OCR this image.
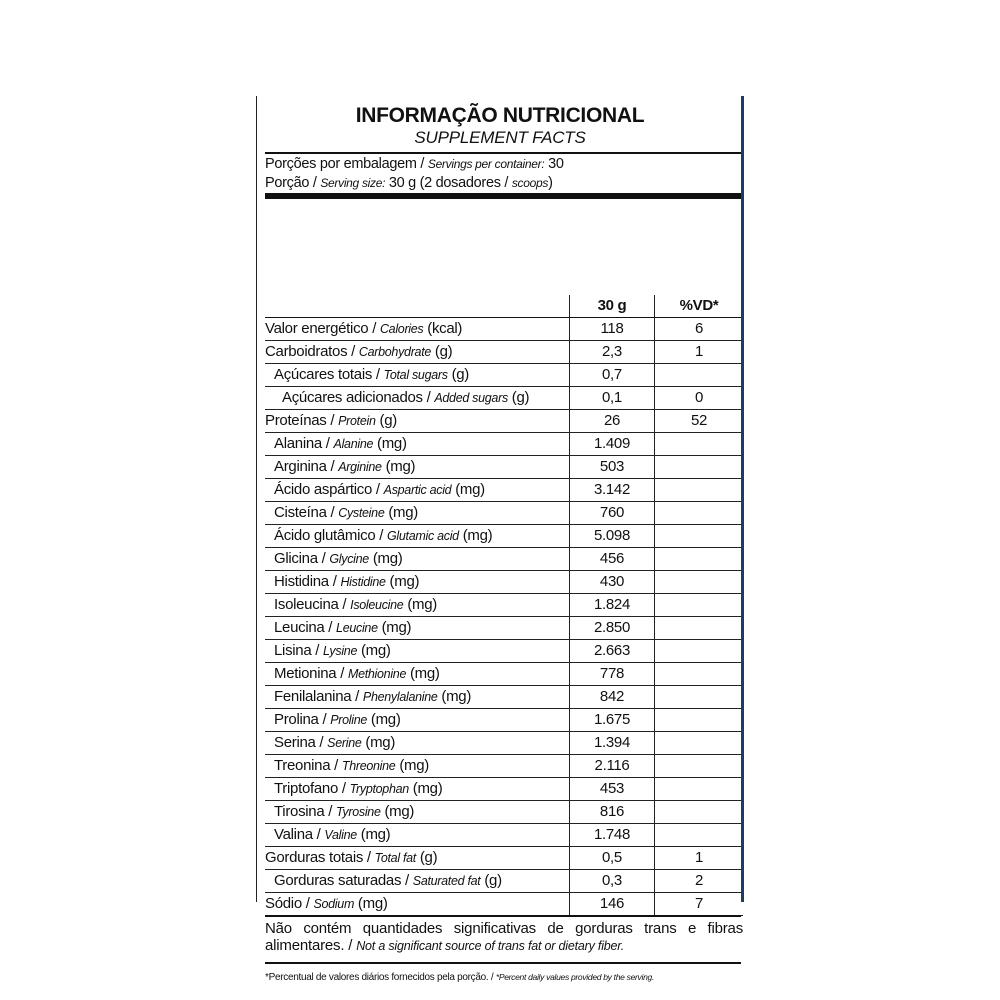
INFORMAÇÃO NUTRICIONAL
SUPPLEMENT FACTS
Porções por embalagem / Servings per container: 30
Porção / Serving size: 30 g (2 dosadores / scoops)
	30 g	%VD*
Valor energético / Calories (kcal)	118	6
Carboidratos / Carbohydrate (g)	2,3	1
Açúcares totais / Total sugars (g)	0,7	
Açúcares adicionados / Added sugars (g)	0,1	0
Proteínas / Protein (g)	26	52
Alanina / Alanine (mg)	1.409	
Arginina / Arginine (mg)	503	
Ácido aspártico / Aspartic acid (mg)	3.142	
Cisteína / Cysteine (mg)	760	
Ácido glutâmico / Glutamic acid (mg)	5.098	
Glicina / Glycine (mg)	456	
Histidina / Histidine (mg)	430	
Isoleucina / Isoleucine (mg)	1.824	
Leucina / Leucine (mg)	2.850	
Lisina / Lysine (mg)	2.663	
Metionina / Methionine (mg)	778	
Fenilalanina / Phenylalanine (mg)	842	
Prolina / Proline (mg)	1.675	
Serina / Serine (mg)	1.394	
Treonina / Threonine (mg)	2.116	
Triptofano / Tryptophan (mg)	453	
Tirosina / Tyrosine (mg)	816	
Valina / Valine (mg)	1.748	
Gorduras totais / Total fat (g)	0,5	1
Gorduras saturadas / Saturated fat (g)	0,3	2
Sódio / Sodium (mg)	146	7
Não contém quantidades significativas de gorduras trans e fibras alimentares. / Not a significant source of trans fat or dietary fiber.
*Percentual de valores diários fornecidos pela porção. / *Percent daily values provided by the serving.
